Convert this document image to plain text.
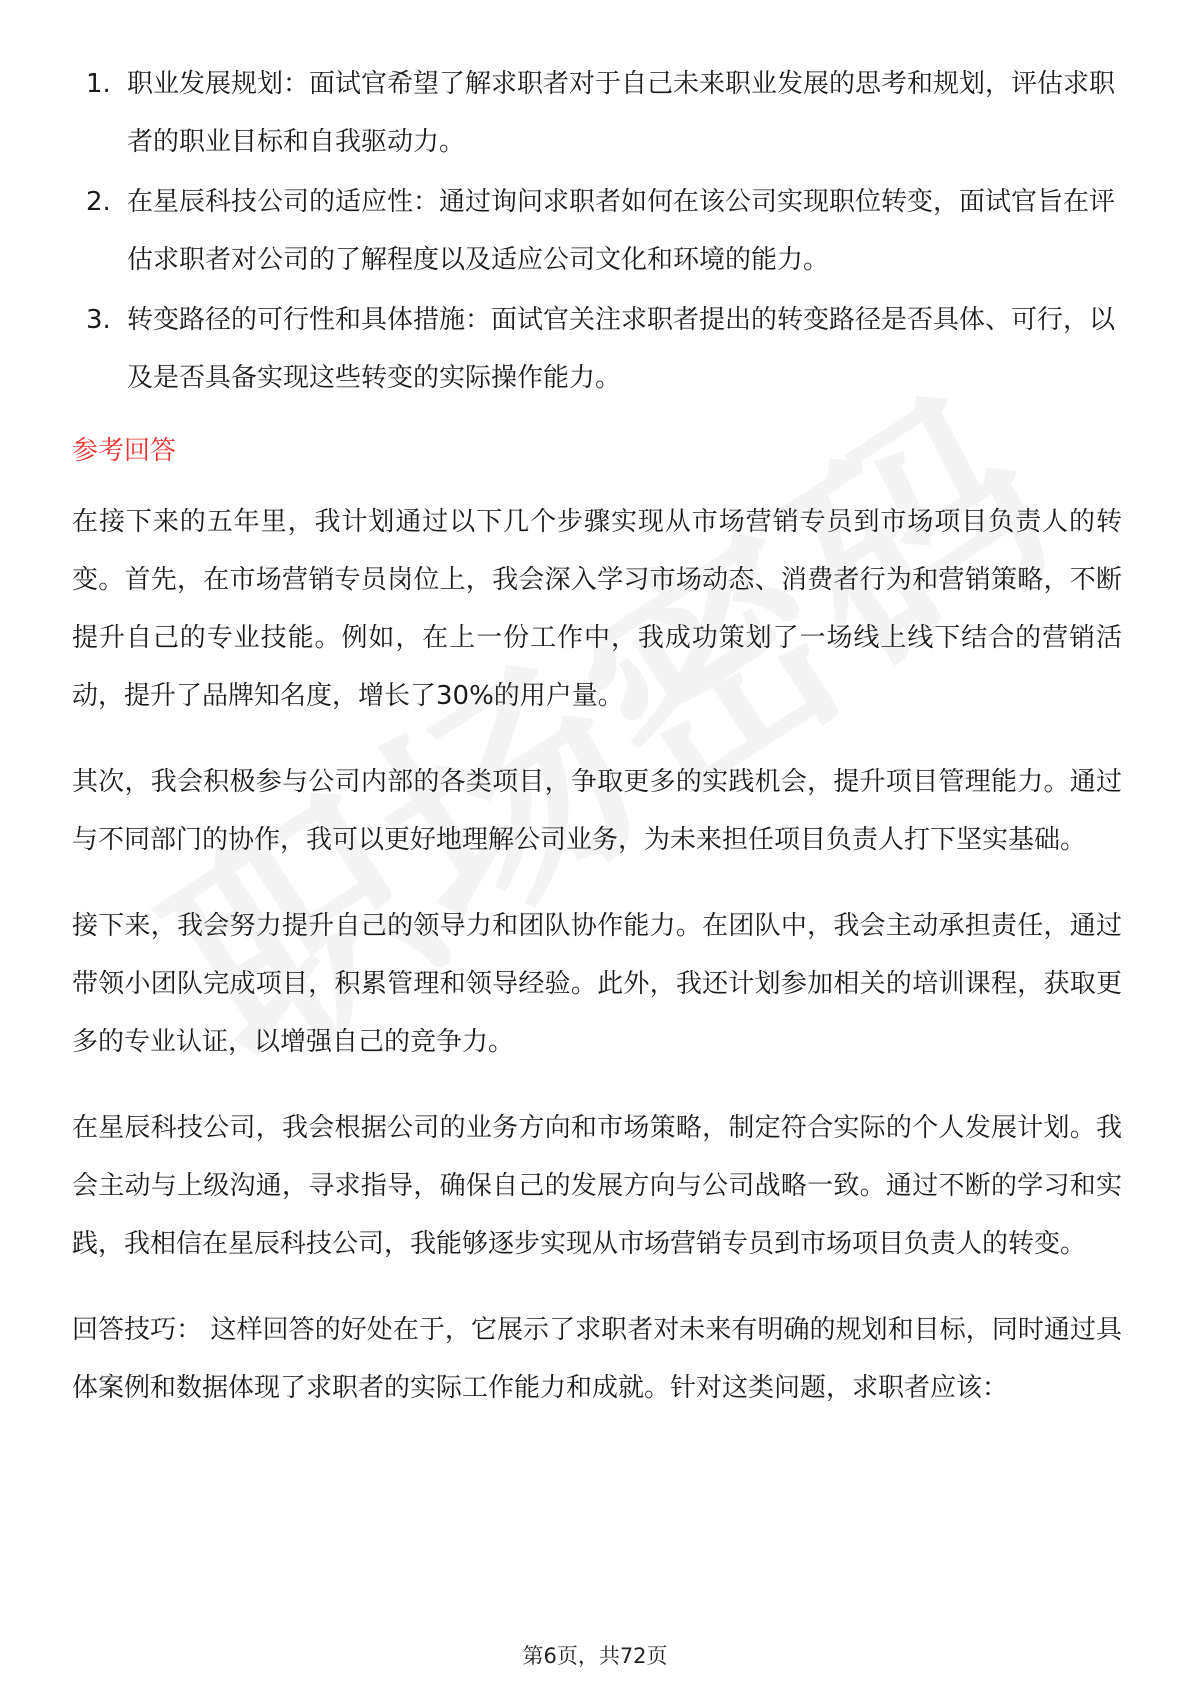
1. 职业发展规划：面试官希望了解求职者对于自己未来职业发展的思考和规划，评估求职者的职业目标和自我驱动力。
2. 在星辰科技公司的适应性：通过询问求职者如何在该公司实现职位转变，面试官旨在评估求职者对公司的了解程度以及适应公司文化和环境的能力。
3. 转变路径的可行性和具体措施：面试官关注求职者提出的转变路径是否具体、可行，以及是否具备实现这些转变的实际操作能力。
参考回答

在接下来的五年里，我计划通过以下几个步骤实现从市场营销专员到市场项目负责人的转变。首先，在市场营销专员岗位上，我会深入学习市场动态、消费者行为和营销策略，不断提升自己的专业技能。例如，在上一份工作中，我成功策划了一场线上线下结合的营销活动，提升了品牌知名度，增长了30%的用户量。

其次，我会积极参与公司内部的各类项目，争取更多的实践机会，提升项目管理能力。通过与不同部门的协作，我可以更好地理解公司业务，为未来担任项目负责人打下坚实基础。

接下来，我会努力提升自己的领导力和团队协作能力。在团队中，我会主动承担责任，通过带领小团队完成项目，积累管理和领导经验。此外，我还计划参加相关的培训课程，获取更多的专业认证，以增强自己的竞争力。

在星辰科技公司，我会根据公司的业务方向和市场策略，制定符合实际的个人发展计划。我会主动与上级沟通，寻求指导，确保自己的发展方向与公司战略一致。通过不断的学习和实践，我相信在星辰科技公司，我能够逐步实现从市场营销专员到市场项目负责人的转变。

回答技巧： 这样回答的好处在于，它展示了求职者对未来有明确的规划和目标，同时通过具体案例和数据体现了求职者的实际工作能力和成就。针对这类问题，求职者应该：

第6页，共72页
